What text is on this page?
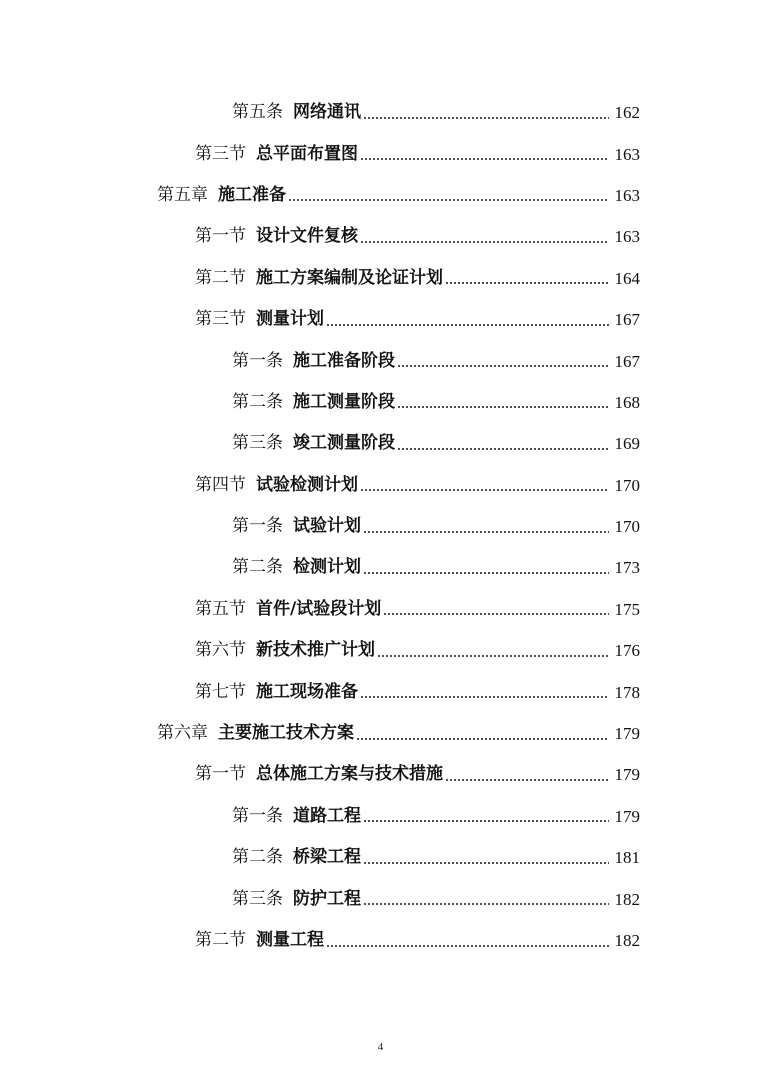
第五条 网络通讯	162
第三节 总平面布置图	163
第五章 施工准备	163
第一节 设计文件复核	163
第二节 施工方案编制及论证计划	164
第三节 测量计划	167
第一条 施工准备阶段	167
第二条 施工测量阶段	168
第三条 竣工测量阶段	169
第四节 试验检测计划	170
第一条 试验计划	170
第二条 检测计划	173
第五节 首件/试验段计划	175
第六节 新技术推广计划	176
第七节 施工现场准备	178
第六章 主要施工技术方案	179
第一节 总体施工方案与技术措施	179
第一条 道路工程	179
第二条 桥梁工程	181
第三条 防护工程	182
第二节 测量工程	182
4
